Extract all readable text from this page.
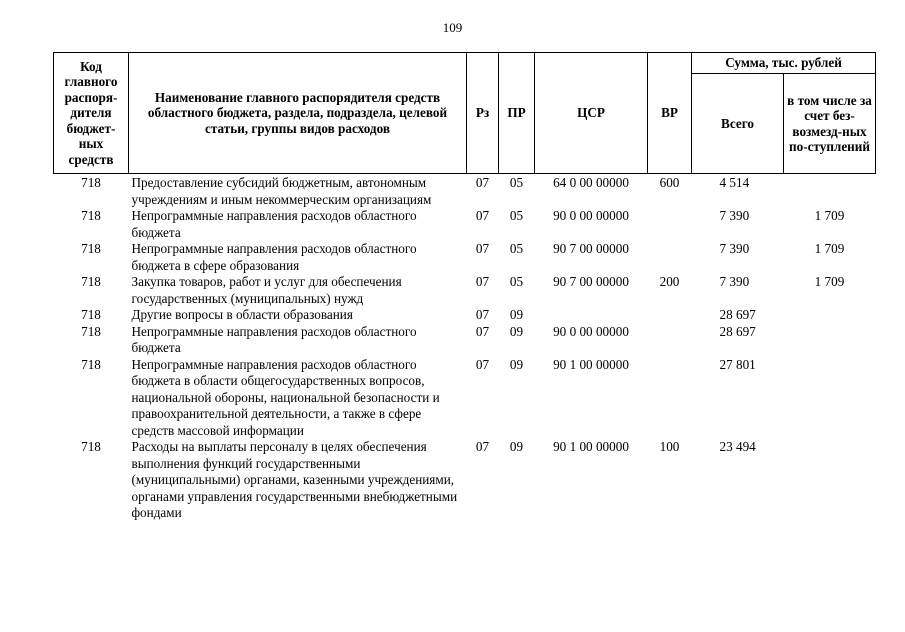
109
Код главного распоря-дителя бюджет-ных средств	Наименование главного распорядителя средств областного бюджета, раздела, подраздела, целевой статьи, группы видов расходов	Рз	ПР	ЦСР	ВР	Сумма, тыс. рублей	
						Всего	в том числе за счет без-возмезд-ных по-ступлений
718	Предоставление субсидий бюджетным, автономным учреждениям и иным некоммерческим организациям	07	05	64 0 00 00000	600	4 514	
718	Непрограммные направления расходов областного бюджета	07	05	90 0 00 00000		7 390	1 709
718	Непрограммные направления расходов областного бюджета в сфере образования	07	05	90 7 00 00000		7 390	1 709
718	Закупка товаров, работ и услуг для обеспечения государственных (муниципальных) нужд	07	05	90 7 00 00000	200	7 390	1 709
718	Другие вопросы в области образования	07	09			28 697	
718	Непрограммные направления расходов областного бюджета	07	09	90 0 00 00000		28 697	
718	Непрограммные направления расходов областного бюджета в области общегосударственных вопросов, национальной обороны, национальной безопасности и правоохранительной деятельности, а также в сфере средств массовой информации	07	09	90 1 00 00000		27 801	
718	Расходы на выплаты персоналу в целях обеспечения выполнения функций государственными (муниципальными) органами, казенными учреждениями, органами управления государственными внебюджетными фондами	07	09	90 1 00 00000	100	23 494	
